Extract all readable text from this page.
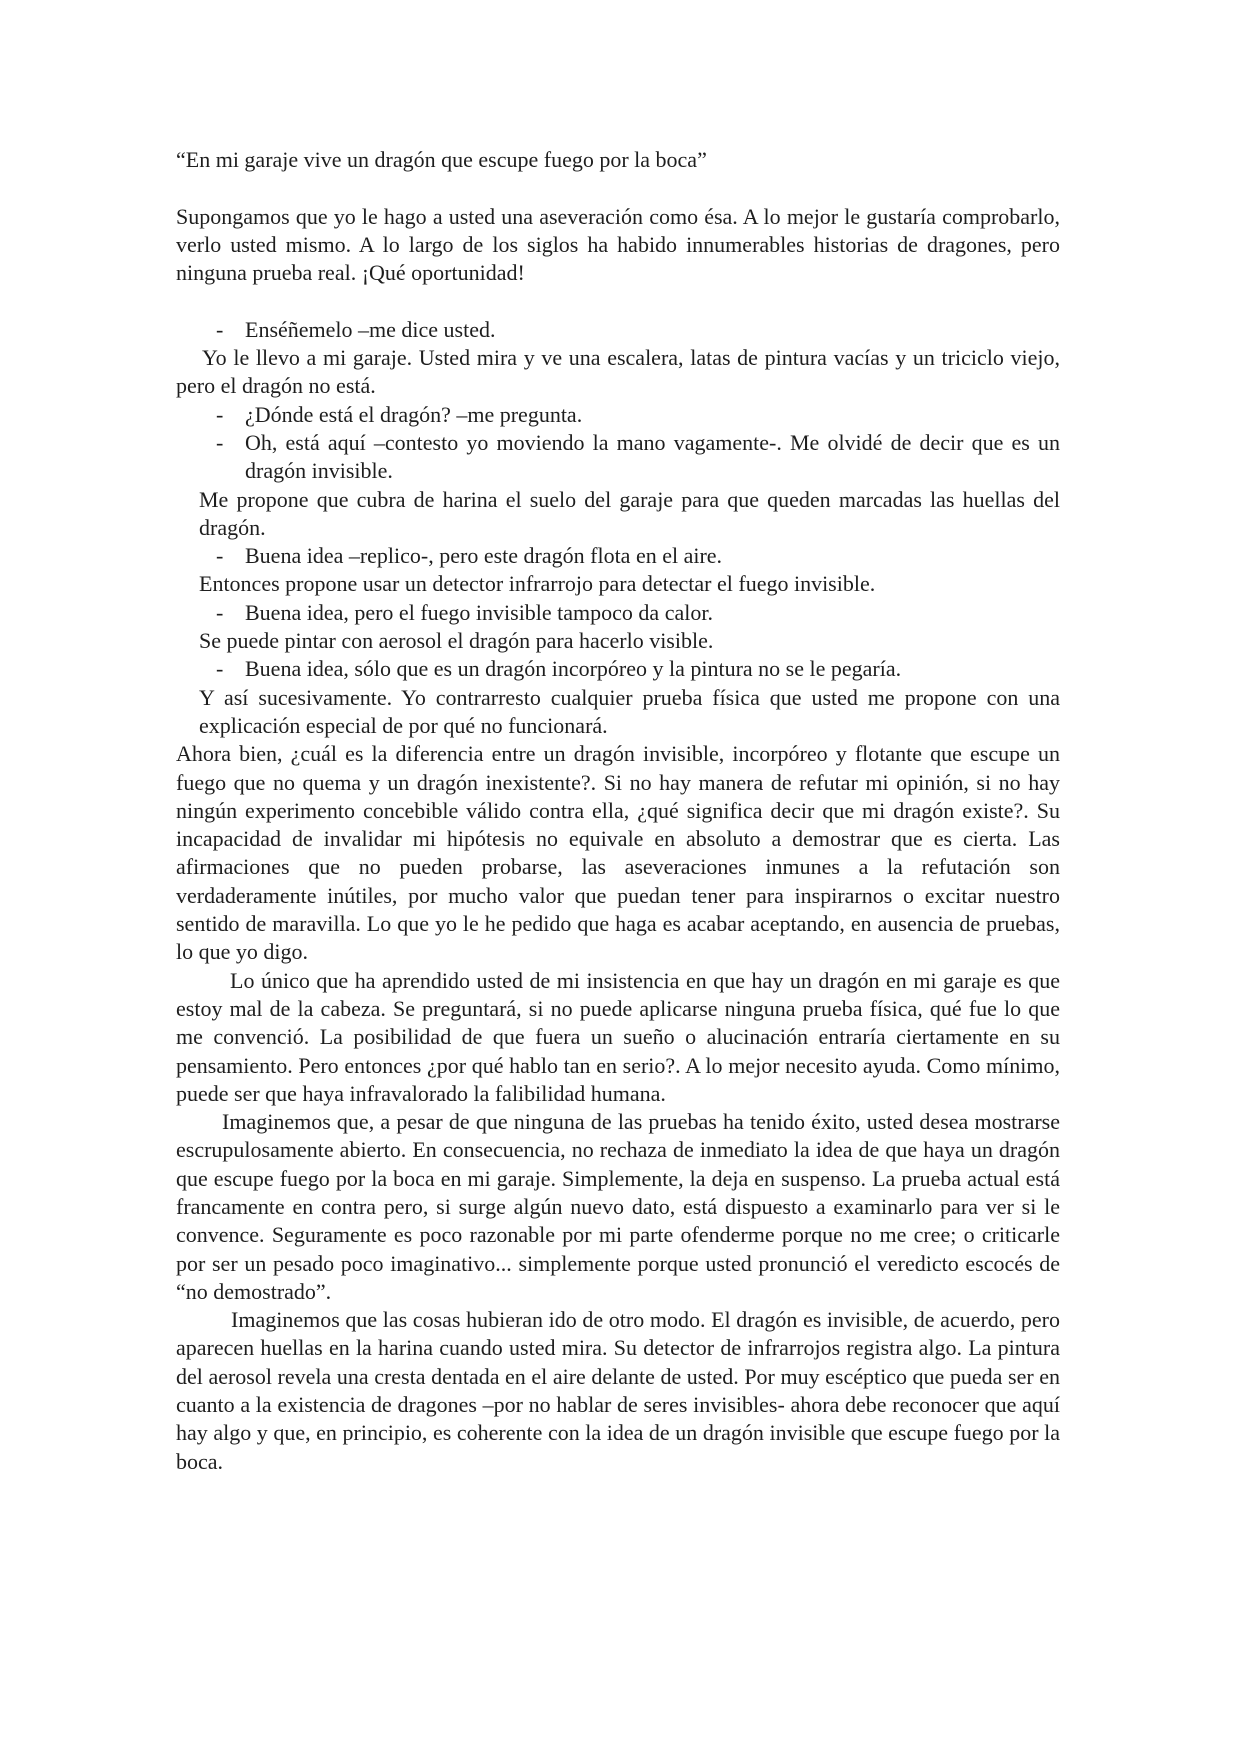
“En mi garaje vive un dragón que escupe fuego por la boca”

Supongamos que yo le hago a usted una aseveración como ésa. A lo mejor le gustaría comprobarlo, verlo usted mismo. A lo largo de los siglos ha habido innumerables historias de dragones, pero ninguna prueba real. ¡Qué oportunidad!

- Enséñemelo –me dice usted.

Yo le llevo a mi garaje. Usted mira y ve una escalera, latas de pintura vacías y un triciclo viejo, pero el dragón no está.

- ¿Dónde está el dragón? –me pregunta.
- Oh, está aquí –contesto yo moviendo la mano vagamente-. Me olvidé de decir que es un dragón invisible.

Me propone que cubra de harina el suelo del garaje para que queden marcadas las huellas del dragón.

- Buena idea –replico-, pero este dragón flota en el aire.

Entonces propone usar un detector infrarrojo para detectar el fuego invisible.

- Buena idea, pero el fuego invisible tampoco da calor.

Se puede pintar con aerosol el dragón para hacerlo visible.

- Buena idea, sólo que es un dragón incorpóreo y la pintura no se le pegaría.

Y así sucesivamente. Yo contrarresto cualquier prueba física que usted me propone con una explicación especial de por qué no funcionará.

Ahora bien, ¿cuál es la diferencia entre un dragón invisible, incorpóreo y flotante que escupe un fuego que no quema y un dragón inexistente?. Si no hay manera de refutar mi opinión, si no hay ningún experimento concebible válido contra ella, ¿qué significa decir que mi dragón existe?. Su incapacidad de invalidar mi hipótesis no equivale en absoluto a demostrar que es cierta. Las afirmaciones que no pueden probarse, las aseveraciones inmunes a la refutación son verdaderamente inútiles, por mucho valor que puedan tener para inspirarnos o excitar nuestro sentido de maravilla. Lo que yo le he pedido que haga es acabar aceptando, en ausencia de pruebas, lo que yo digo.

Lo único que ha aprendido usted de mi insistencia en que hay un dragón en mi garaje es que estoy mal de la cabeza. Se preguntará, si no puede aplicarse ninguna prueba física, qué fue lo que me convenció. La posibilidad de que fuera un sueño o alucinación entraría ciertamente en su pensamiento. Pero entonces ¿por qué hablo tan en serio?. A lo mejor necesito ayuda. Como mínimo, puede ser que haya infravalorado la falibilidad humana.

Imaginemos que, a pesar de que ninguna de las pruebas ha tenido éxito, usted desea mostrarse escrupulosamente abierto. En consecuencia, no rechaza de inmediato la idea de que haya un dragón que escupe fuego por la boca en mi garaje. Simplemente, la deja en suspenso. La prueba actual está francamente en contra pero, si surge algún nuevo dato, está dispuesto a examinarlo para ver si le convence. Seguramente es poco razonable por mi parte ofenderme porque no me cree; o criticarle por ser un pesado poco imaginativo... simplemente porque usted pronunció el veredicto escocés de “no demostrado”.

Imaginemos que las cosas hubieran ido de otro modo. El dragón es invisible, de acuerdo, pero aparecen huellas en la harina cuando usted mira. Su detector de infrarrojos registra algo. La pintura del aerosol revela una cresta dentada en el aire delante de usted. Por muy escéptico que pueda ser en cuanto a la existencia de dragones –por no hablar de seres invisibles- ahora debe reconocer que aquí hay algo y que, en principio, es coherente con la idea de un dragón invisible que escupe fuego por la boca.
